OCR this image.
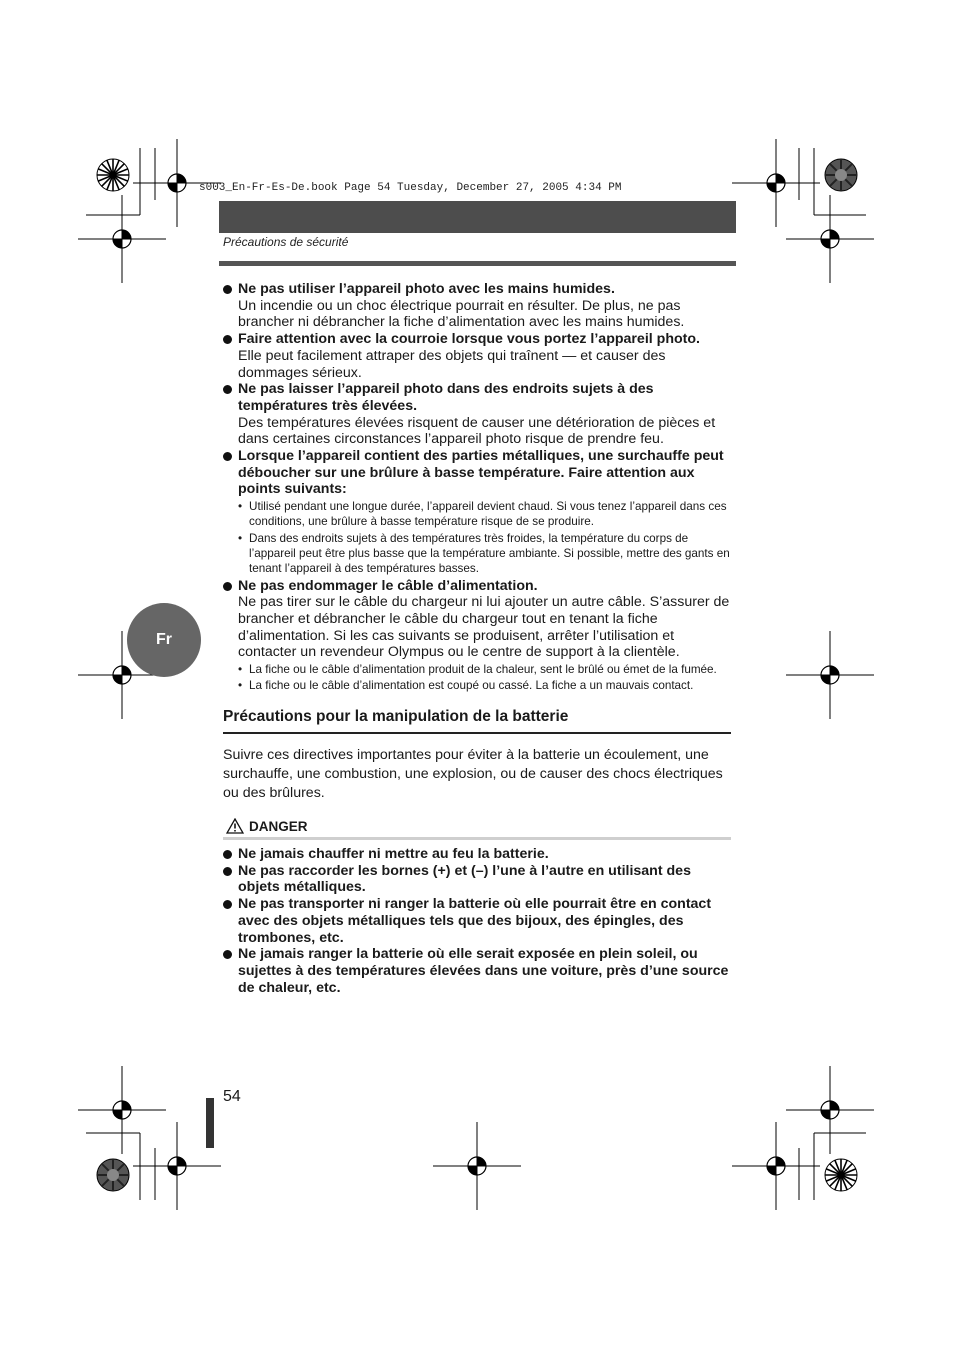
s003_En-Fr-Es-De.book Page 54 Tuesday, December 27, 2005 4:34 PM
Précautions de sécurité
Fr
Ne pas utiliser l’appareil photo avec les mains humides.
Un incendie ou un choc électrique pourrait en résulter. De plus, ne pas brancher ni débrancher la fiche d’alimentation avec les mains humides.
Faire attention avec la courroie lorsque vous portez l’appareil photo.
Elle peut facilement attraper des objets qui traînent — et causer des dommages sérieux.
Ne pas laisser l’appareil photo dans des endroits sujets à des températures très élevées.
Des températures élevées risquent de causer une détérioration de pièces et dans certaines circonstances l’appareil photo risque de prendre feu.
Lorsque l’appareil contient des parties métalliques, une surchauffe peut déboucher sur une brûlure à basse température. Faire attention aux points suivants:
• Utilisé pendant une longue durée, l’appareil devient chaud. Si vous tenez l’appareil dans ces conditions, une brûlure à basse température risque de se produire.
• Dans des endroits sujets à des températures très froides, la température du corps de l’appareil peut être plus basse que la température ambiante. Si possible, mettre des gants en tenant l’appareil à des températures basses.
Ne pas endommager le câble d’alimentation.
Ne pas tirer sur le câble du chargeur ni lui ajouter un autre câble. S’assurer de brancher et débrancher le câble du chargeur tout en tenant la fiche d’alimentation. Si les cas suivants se produisent, arrêter l’utilisation et contacter un revendeur Olympus ou le centre de support à la clientèle.
• La fiche ou le câble d’alimentation produit de la chaleur, sent le brûlé ou émet de la fumée.
• La fiche ou le câble d’alimentation est coupé ou cassé. La fiche a un mauvais contact.
Précautions pour la manipulation de la batterie
Suivre ces directives importantes pour éviter à la batterie un écoulement, une surchauffe, une combustion, une explosion, ou de causer des chocs électriques ou des brûlures.
DANGER
Ne jamais chauffer ni mettre au feu la batterie.
Ne pas raccorder les bornes (+) et (–) l’une à l’autre en utilisant des objets métalliques.
Ne pas transporter ni ranger la batterie où elle pourrait être en contact avec des objets métalliques tels que des bijoux, des épingles, des trombones, etc.
Ne jamais ranger la batterie où elle serait exposée en plein soleil, ou sujettes à des températures élevées dans une voiture, près d’une source de chaleur, etc.
54
